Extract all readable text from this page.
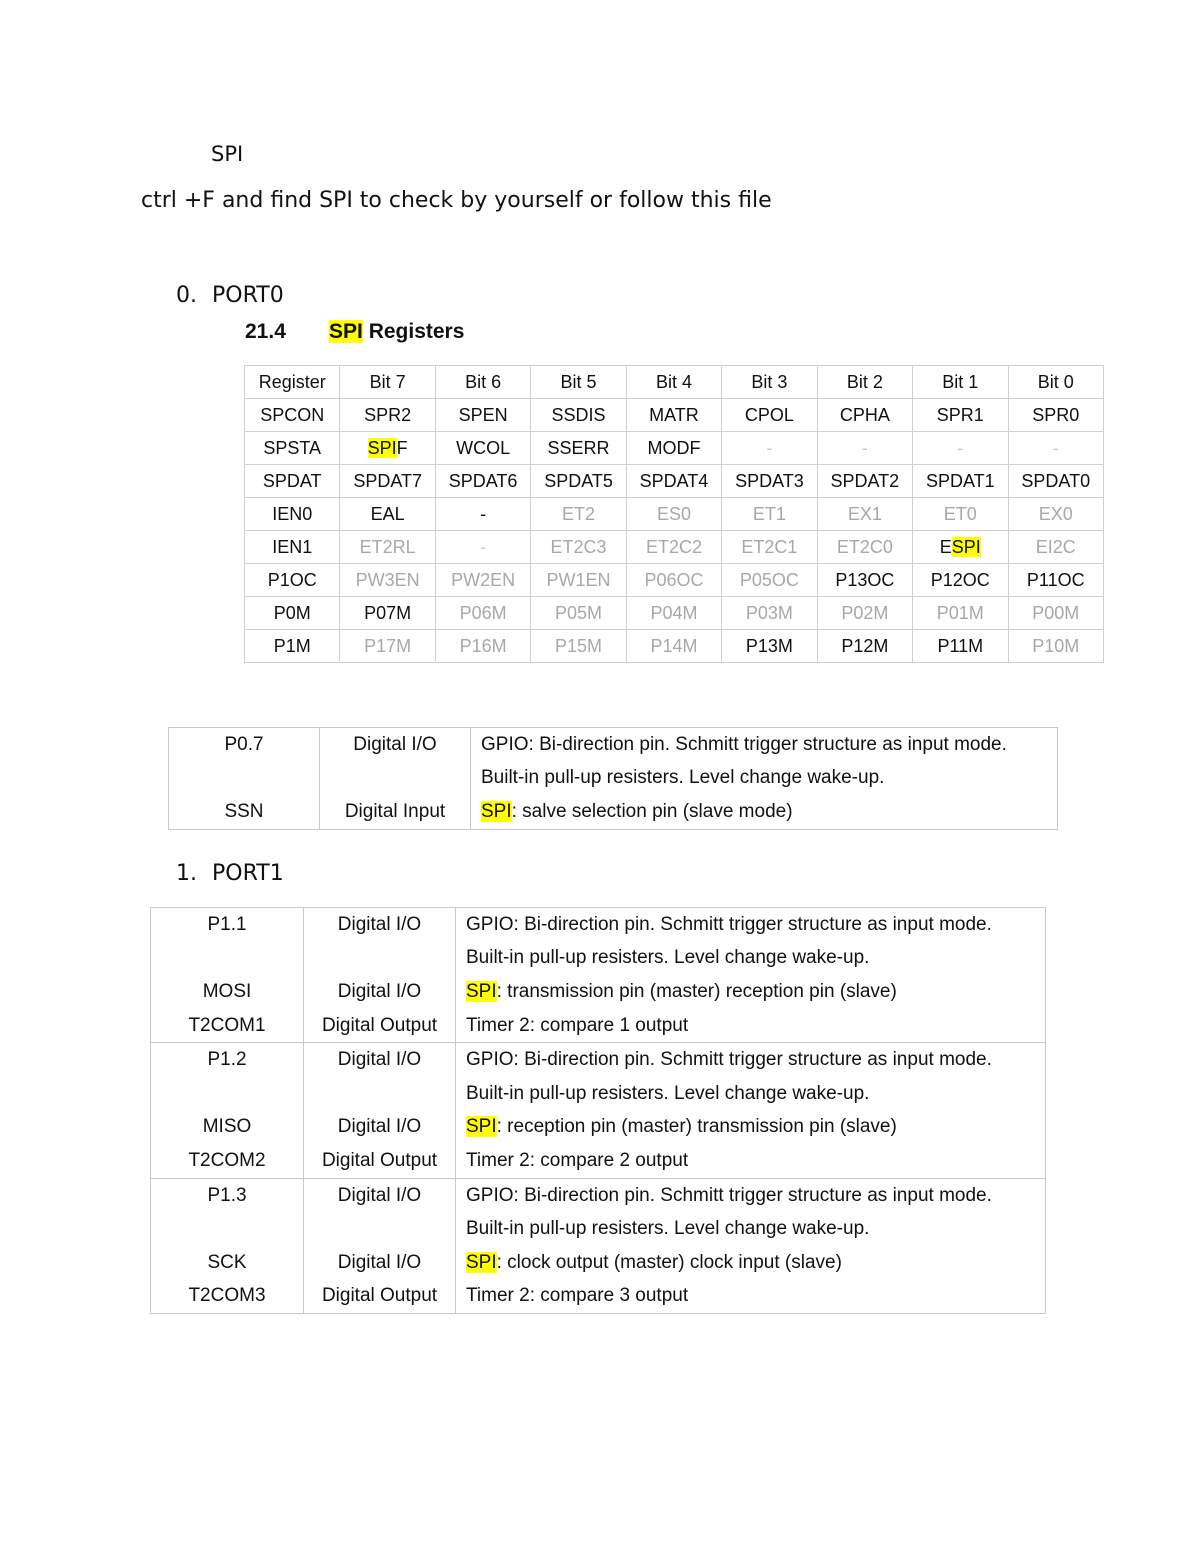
SPI
ctrl +F and find SPI to check by yourself or follow this file
0. PORT0
21.4 SPI Registers
Register	Bit 7	Bit 6	Bit 5	Bit 4	Bit 3	Bit 2	Bit 1	Bit 0
SPCON	SPR2	SPEN	SSDIS	MATR	CPOL	CPHA	SPR1	SPR0
SPSTA	SPIF	WCOL	SSERR	MODF	-	-	-	-
SPDAT	SPDAT7	SPDAT6	SPDAT5	SPDAT4	SPDAT3	SPDAT2	SPDAT1	SPDAT0
IEN0	EAL	-	ET2	ES0	ET1	EX1	ET0	EX0
IEN1	ET2RL	-	ET2C3	ET2C2	ET2C1	ET2C0	ESPI	EI2C
P1OC	PW3EN	PW2EN	PW1EN	P06OC	P05OC	P13OC	P12OC	P11OC
P0M	P07M	P06M	P05M	P04M	P03M	P02M	P01M	P00M
P1M	P17M	P16M	P15M	P14M	P13M	P12M	P11M	P10M
P0.7	Digital I/O	GPIO: Bi-direction pin. Schmitt trigger structure as input mode.
		Built-in pull-up resisters. Level change wake-up.
SSN	Digital Input	SPI: salve selection pin (slave mode)
1. PORT1
P1.1	Digital I/O	GPIO: Bi-direction pin. Schmitt trigger structure as input mode.
		Built-in pull-up resisters. Level change wake-up.
MOSI	Digital I/O	SPI: transmission pin (master) reception pin (slave)
T2COM1	Digital Output	Timer 2: compare 1 output
P1.2	Digital I/O	GPIO: Bi-direction pin. Schmitt trigger structure as input mode.
		Built-in pull-up resisters. Level change wake-up.
MISO	Digital I/O	SPI: reception pin (master) transmission pin (slave)
T2COM2	Digital Output	Timer 2: compare 2 output
P1.3	Digital I/O	GPIO: Bi-direction pin. Schmitt trigger structure as input mode.
		Built-in pull-up resisters. Level change wake-up.
SCK	Digital I/O	SPI: clock output (master) clock input (slave)
T2COM3	Digital Output	Timer 2: compare 3 output
